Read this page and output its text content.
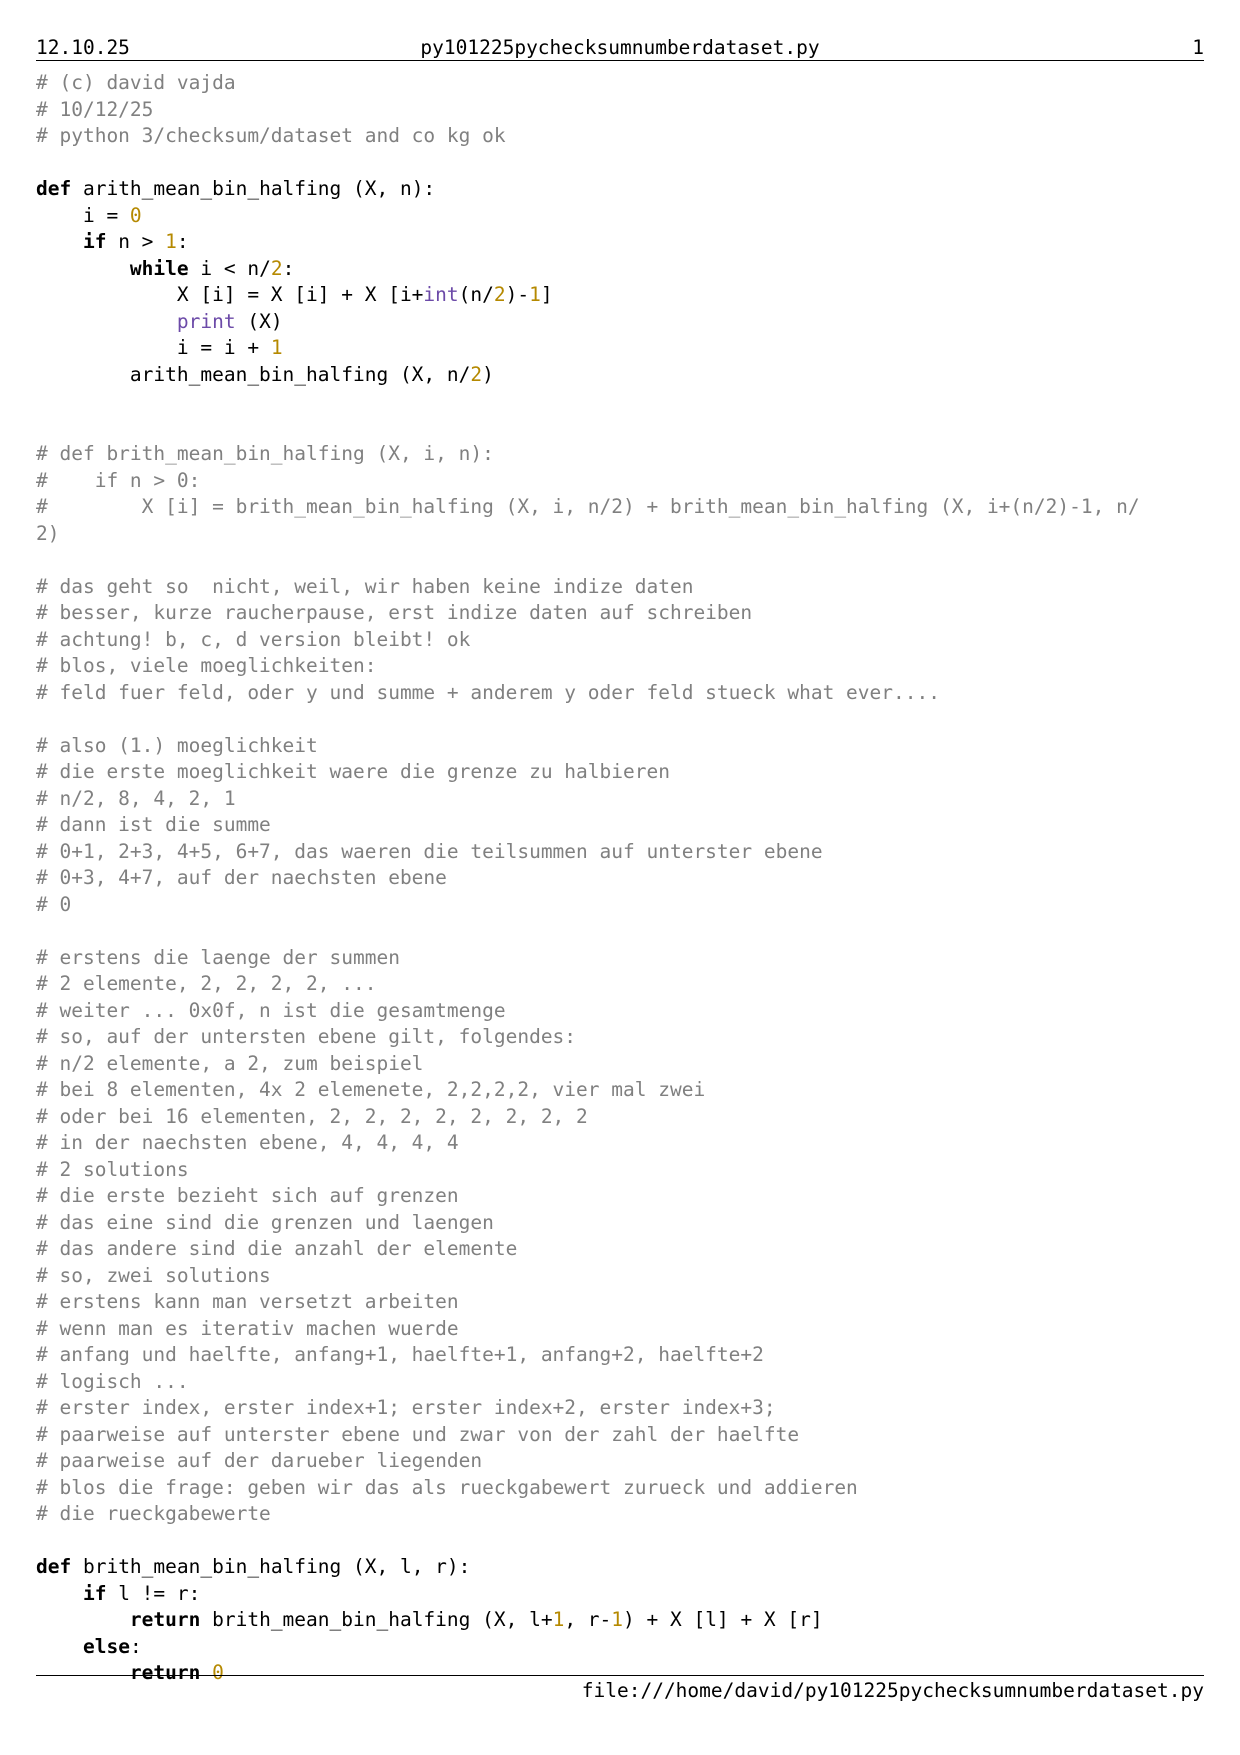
12.10.25	py101225pychecksumnumberdataset.py	1
# (c) david vajda
# 10/12/25
# python 3/checksum/dataset and co kg ok
def arith_mean_bin_halfing (X, n):
i = 0
if n > 1:
while i < n/2:
X [i] = X [i] + X [i+int(n/2)-1]
print (X)
i = i + 1
arith_mean_bin_halfing (X, n/2)
# def brith_mean_bin_halfing (X, i, n):
#    if n > 0:
#        X [i] = brith_mean_bin_halfing (X, i, n/2) + brith_mean_bin_halfing (X, i+(n/2)-1, n/
2)
# das geht so  nicht, weil, wir haben keine indize daten
# besser, kurze raucherpause, erst indize daten auf schreiben
# achtung! b, c, d version bleibt! ok
# blos, viele moeglichkeiten:
# feld fuer feld, oder y und summe + anderem y oder feld stueck what ever....
# also (1.) moeglichkeit
# die erste moeglichkeit waere die grenze zu halbieren
# n/2, 8, 4, 2, 1
# dann ist die summe
# 0+1, 2+3, 4+5, 6+7, das waeren die teilsummen auf unterster ebene
# 0+3, 4+7, auf der naechsten ebene
# 0
# erstens die laenge der summen
# 2 elemente, 2, 2, 2, 2, ...
# weiter ... 0x0f, n ist die gesamtmenge
# so, auf der untersten ebene gilt, folgendes:
# n/2 elemente, a 2, zum beispiel
# bei 8 elementen, 4x 2 elemenete, 2,2,2,2, vier mal zwei
# oder bei 16 elementen, 2, 2, 2, 2, 2, 2, 2, 2
# in der naechsten ebene, 4, 4, 4, 4
# 2 solutions
# die erste bezieht sich auf grenzen
# das eine sind die grenzen und laengen
# das andere sind die anzahl der elemente
# so, zwei solutions
# erstens kann man versetzt arbeiten
# wenn man es iterativ machen wuerde
# anfang und haelfte, anfang+1, haelfte+1, anfang+2, haelfte+2
# logisch ...
# erster index, erster index+1; erster index+2, erster index+3;
# paarweise auf unterster ebene und zwar von der zahl der haelfte
# paarweise auf der darueber liegenden
# blos die frage: geben wir das als rueckgabewert zurueck und addieren
# die rueckgabewerte
def brith_mean_bin_halfing (X, l, r):
if l != r:
return brith_mean_bin_halfing (X, l+1, r-1) + X [l] + X [r]
else:
return 0
file:///home/david/py101225pychecksumnumberdataset.py
